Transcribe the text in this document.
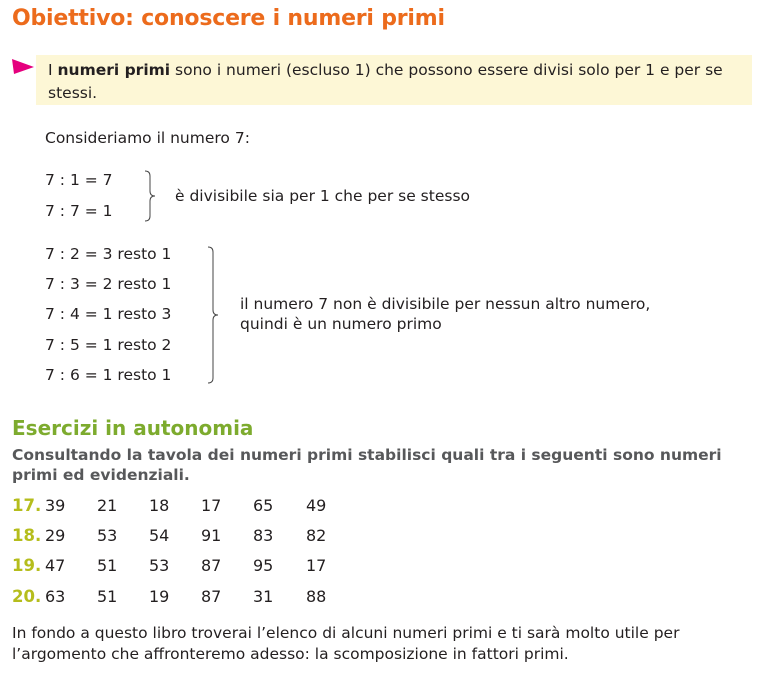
Obiettivo: conoscere i numeri primi
I numeri primi sono i numeri (escluso 1) che possono essere divisi solo per 1 e per se stessi.
Consideriamo il numero 7:
7 : 1 = 7
7 : 7 = 1
è divisibile sia per 1 che per se stesso
7 : 2 = 3 resto 1
7 : 3 = 2 resto 1
7 : 4 = 1 resto 3
7 : 5 = 1 resto 2
7 : 6 = 1 resto 1
il numero 7 non è divisibile per nessun altro numero,
quindi è un numero primo
Esercizi in autonomia
Consultando la tavola dei numeri primi stabilisci quali tra i seguenti sono numeri primi ed evidenziali.
17. 39 21 18 17 65 49
18. 29 53 54 91 83 82
19. 47 51 53 87 95 17
20. 63 51 19 87 31 88
In fondo a questo libro troverai l’elenco di alcuni numeri primi e ti sarà molto utile per l’argomento che affronteremo adesso: la scomposizione in fattori primi.
